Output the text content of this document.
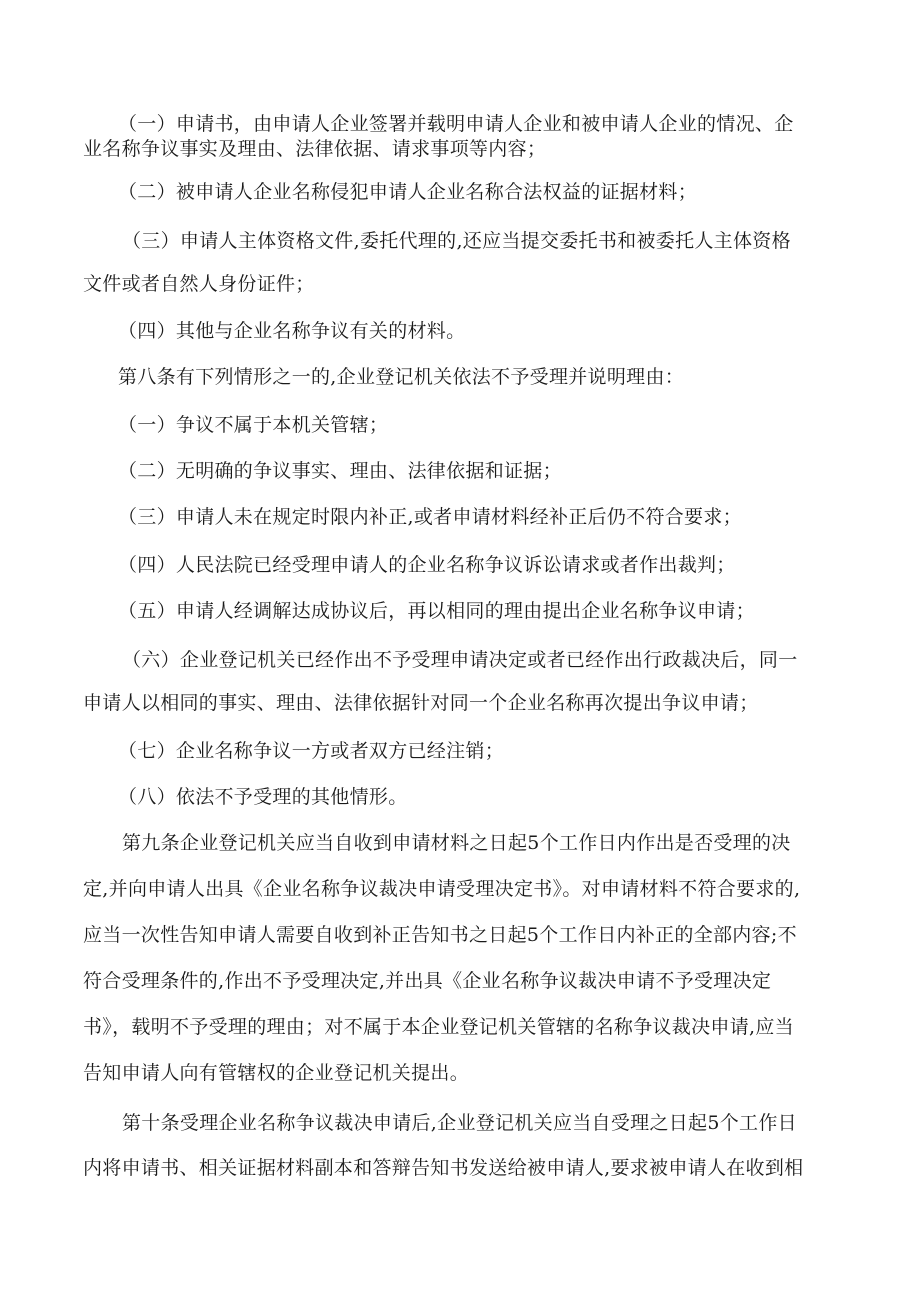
（一）申请书，由申请人企业签署并载明申请人企业和被申请人企业的情况、企
业名称争议事实及理由、法律依据、请求事项等内容；
（二）被申请人企业名称侵犯申请人企业名称合法权益的证据材料；
（三）申请人主体资格文件,委托代理的,还应当提交委托书和被委托人主体资格
文件或者自然人身份证件；
（四）其他与企业名称争议有关的材料。
第八条有下列情形之一的,企业登记机关依法不予受理并说明理由：
（一）争议不属于本机关管辖；
（二）无明确的争议事实、理由、法律依据和证据；
（三）申请人未在规定时限内补正,或者申请材料经补正后仍不符合要求；
（四）人民法院已经受理申请人的企业名称争议诉讼请求或者作出裁判；
（五）申请人经调解达成协议后，再以相同的理由提出企业名称争议申请；
（六）企业登记机关已经作出不予受理申请决定或者已经作出行政裁决后，同一
申请人以相同的事实、理由、法律依据针对同一个企业名称再次提出争议申请；
（七）企业名称争议一方或者双方已经注销；
（八）依法不予受理的其他情形。
第九条企业登记机关应当自收到申请材料之日起5个工作日内作出是否受理的决
定,并向申请人出具《企业名称争议裁决申请受理决定书》。对申请材料不符合要求的,
应当一次性告知申请人需要自收到补正告知书之日起5个工作日内补正的全部内容;不
符合受理条件的,作出不予受理决定,并出具《企业名称争议裁决申请不予受理决定
书》，载明不予受理的理由；对不属于本企业登记机关管辖的名称争议裁决申请,应当
告知申请人向有管辖权的企业登记机关提出。
第十条受理企业名称争议裁决申请后,企业登记机关应当自受理之日起5个工作日
内将申请书、相关证据材料副本和答辩告知书发送给被申请人,要求被申请人在收到相
